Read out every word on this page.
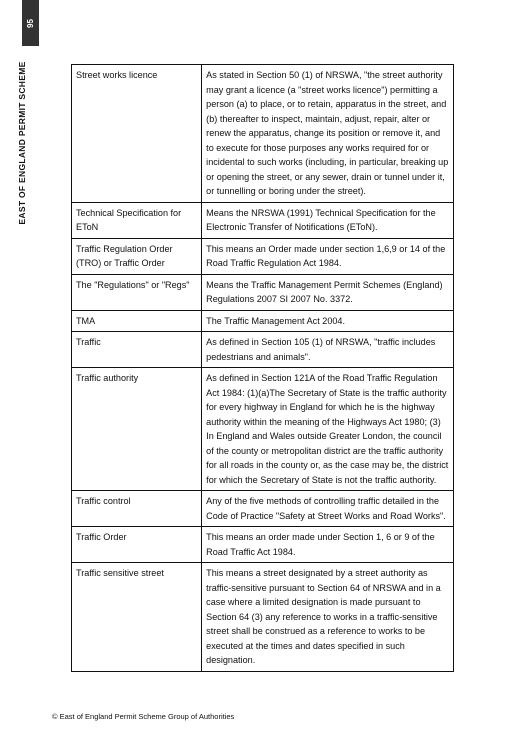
95
EAST OF ENGLAND PERMIT SCHEME	Street works licence	As stated in Section 50 (1) of NRSWA, "the street authority may grant a licence (a "street works licence") permitting a person (a) to place, or to retain, apparatus in the street, and (b) thereafter to inspect, maintain, adjust, repair, alter or renew the apparatus, change its position or remove it, and to execute for those purposes any works required for or incidental to such works (including, in particular, breaking up or opening the street, or any sewer, drain or tunnel under it, or tunnelling or boring under the street).
Technical Specification for EToN	Means the NRSWA (1991) Technical Specification for the Electronic Transfer of Notifications (EToN).
Traffic Regulation Order (TRO) or Traffic Order	This means an Order made under section 1,6,9 or 14 of the Road Traffic Regulation Act 1984.
The "Regulations" or "Regs"	Means the Traffic Management Permit Schemes (England) Regulations 2007 SI 2007 No. 3372.
TMA	The Traffic Management Act 2004.
Traffic	As defined in Section 105 (1) of NRSWA, "traffic includes pedestrians and animals".
Traffic authority	As defined in Section 121A of the Road Traffic Regulation Act 1984: (1)(a)The Secretary of State is the traffic authority for every highway in England for which he is the highway authority within the meaning of the Highways Act 1980; (3) In England and Wales outside Greater London, the council of the county or metropolitan district are the traffic authority for all roads in the county or, as the case may be, the district for which the Secretary of State is not the traffic authority.
Traffic control	Any of the five methods of controlling traffic detailed in the Code of Practice "Safety at Street Works and Road Works".
Traffic Order	This means an order made under Section 1, 6 or 9 of the Road Traffic Act 1984.
Traffic sensitive street	This means a street designated by a street authority as traffic-sensitive pursuant to Section 64 of NRSWA and in a case where a limited designation is made pursuant to Section 64 (3) any reference to works in a traffic-sensitive street shall be construed as a reference to works to be executed at the times and dates specified in such designation.
© East of England Permit Scheme Group of Authorities
